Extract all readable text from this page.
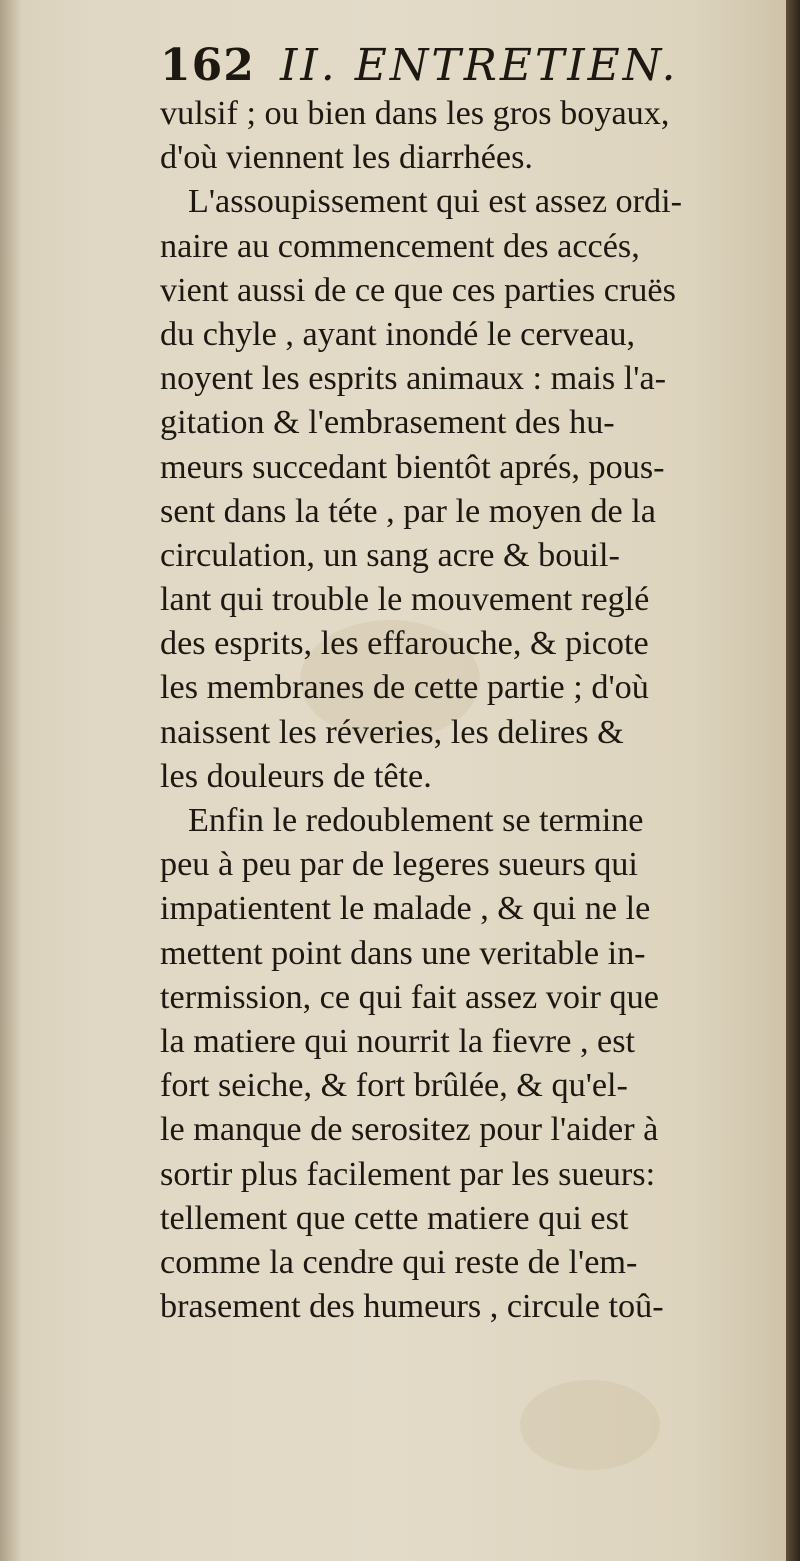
162 II. ENTRETIEN.
vulsif ; ou bien dans les gros boyaux,
d'où viennent les diarrhées.
L'assoupissement qui est assez ordi-
naire au commencement des accés,
vient aussi de ce que ces parties cruës
du chyle , ayant inondé le cerveau,
noyent les esprits animaux : mais l'a-
gitation & l'embrasement des hu-
meurs succedant bientôt aprés, pous-
sent dans la téte , par le moyen de la
circulation, un sang acre & bouil-
lant qui trouble le mouvement reglé
des esprits, les effarouche, & picote
les membranes de cette partie ; d'où
naissent les réveries, les delires &
les douleurs de tête.
Enfin le redoublement se termine
peu à peu par de legeres sueurs qui
impatientent le malade , & qui ne le
mettent point dans une veritable in-
termission, ce qui fait assez voir que
la matiere qui nourrit la fievre , est
fort seiche, & fort brûlée, & qu'el-
le manque de serositez pour l'aider à
sortir plus facilement par les sueurs:
tellement que cette matiere qui est
comme la cendre qui reste de l'em-
brasement des humeurs , circule toû-
